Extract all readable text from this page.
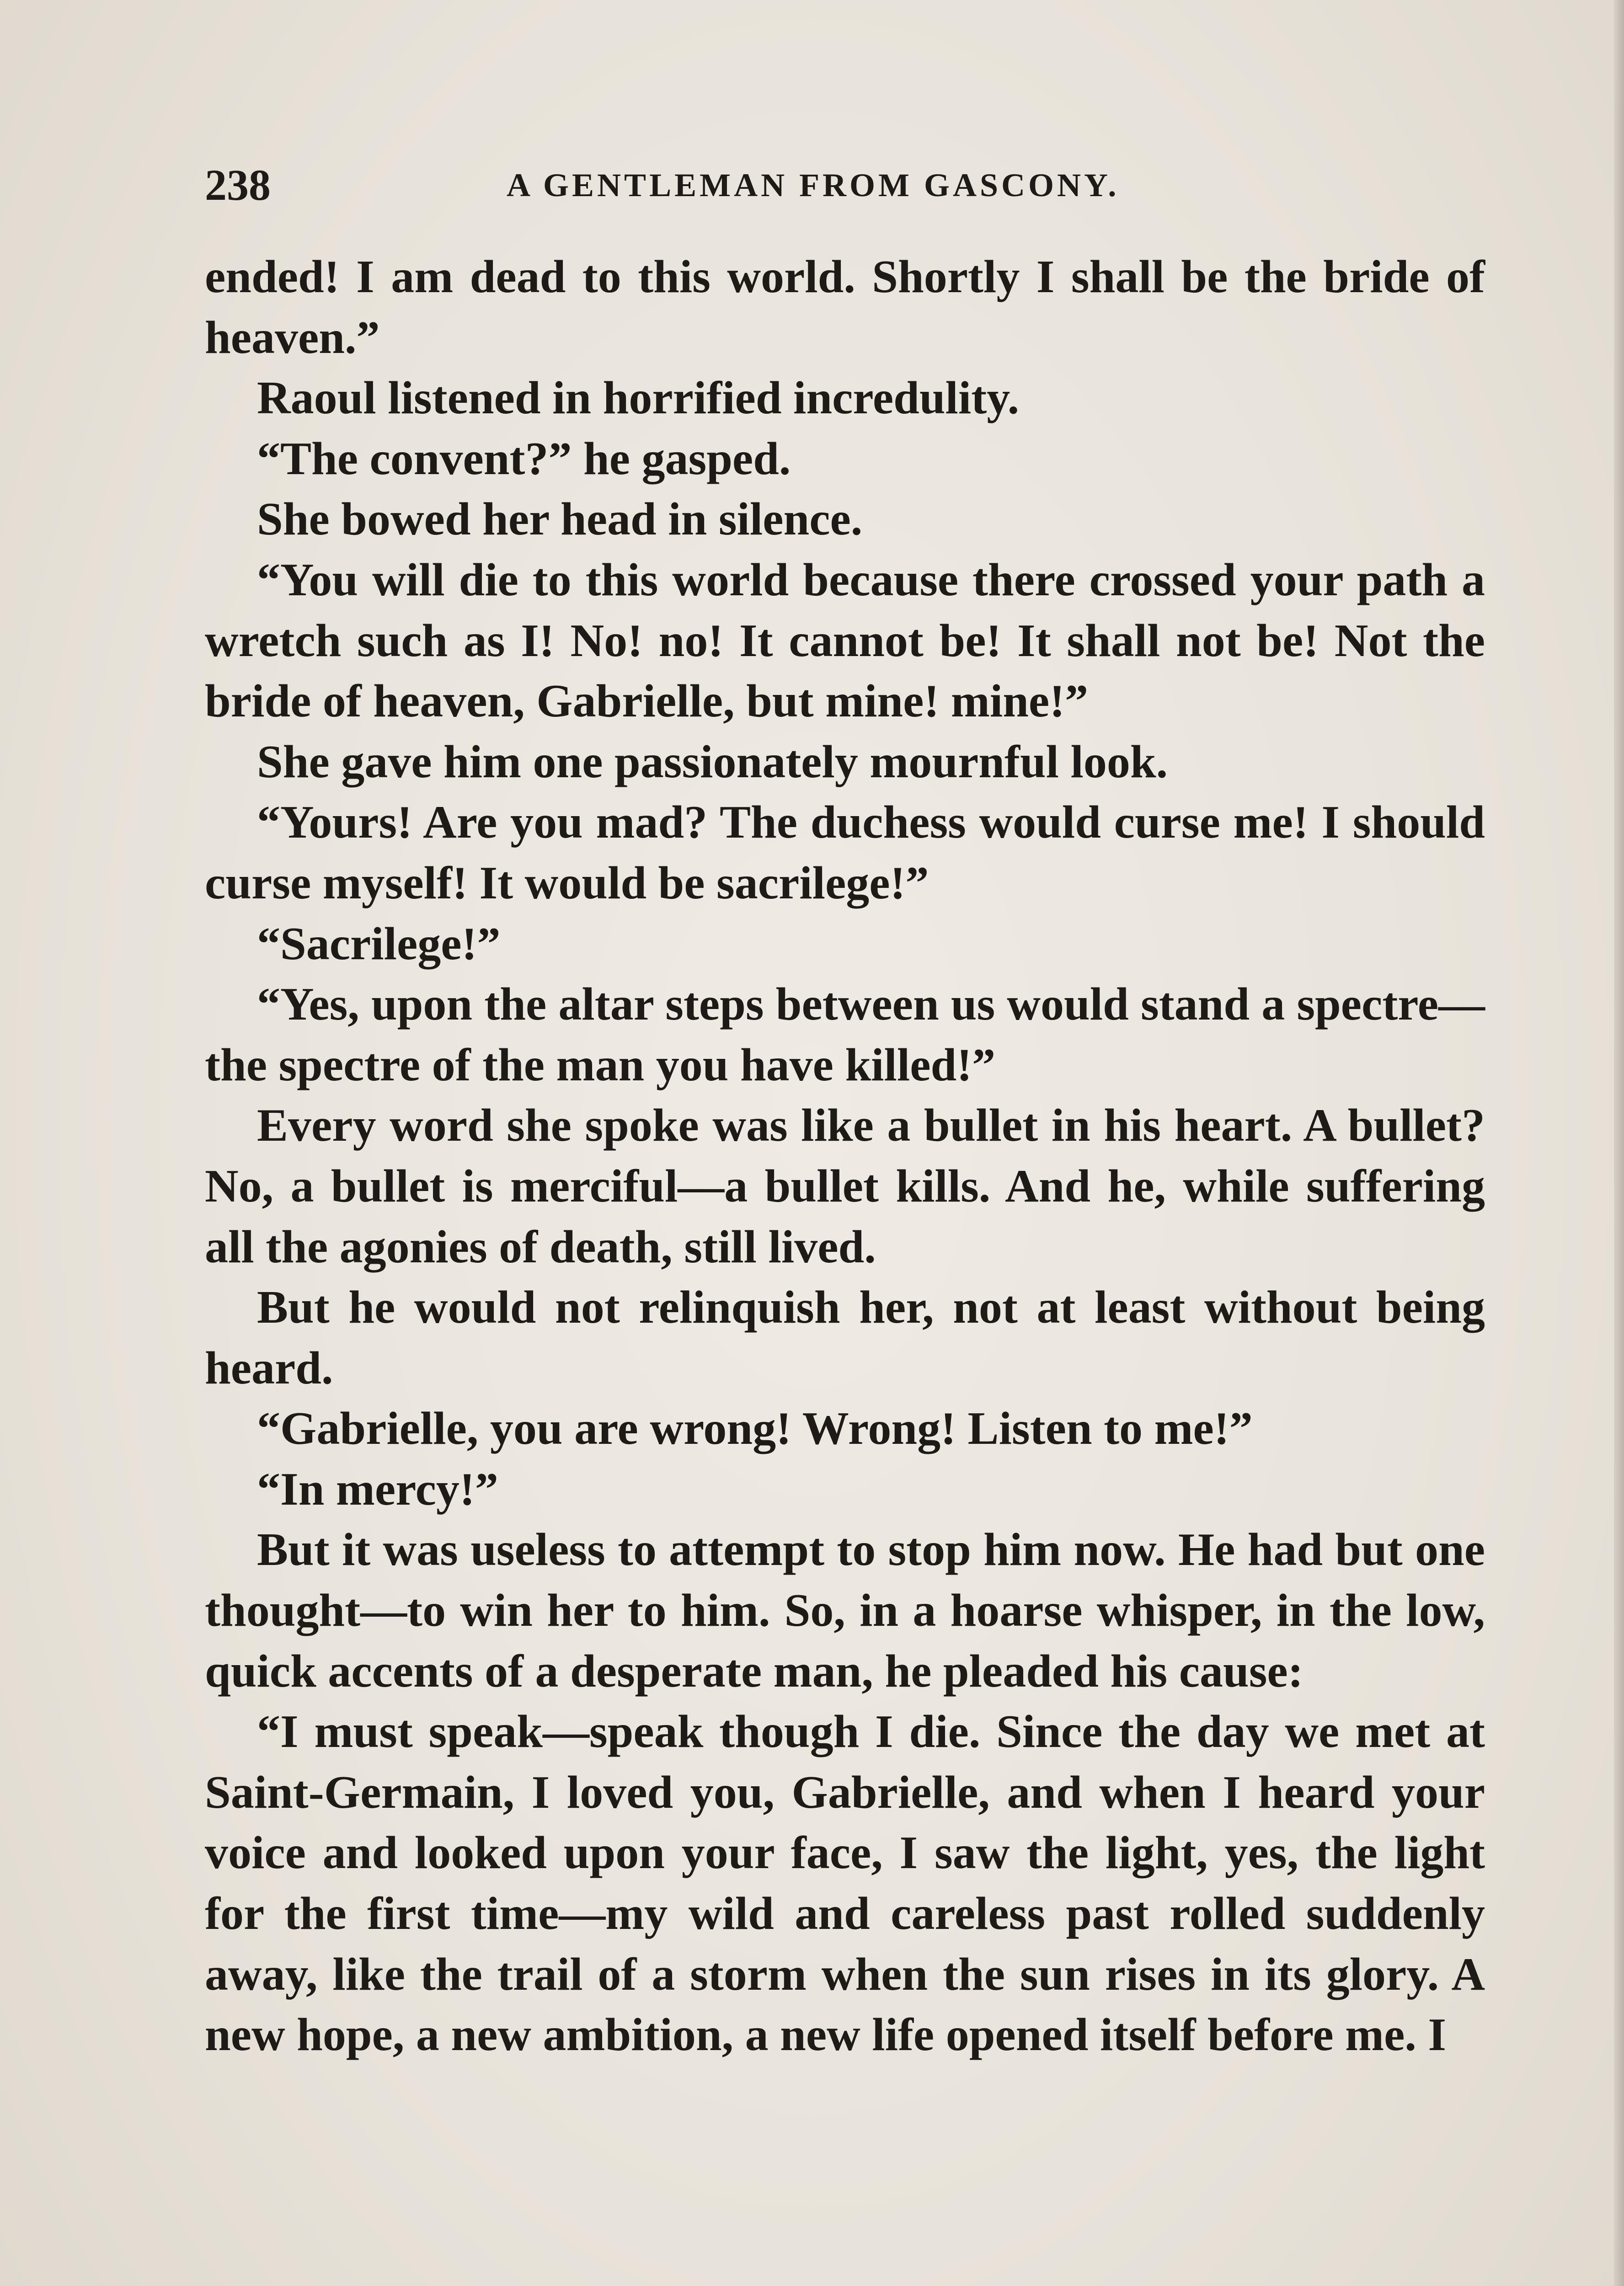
238	A GENTLEMAN FROM GASCONY.

ended! I am dead to this world. Shortly I shall be the bride of heaven.”

Raoul listened in horrified incredulity.

“The convent?” he gasped.

She bowed her head in silence.

“You will die to this world because there crossed your path a wretch such as I! No! no! It cannot be! It shall not be! Not the bride of heaven, Gabrielle, but mine! mine!”

She gave him one passionately mournful look.

“Yours! Are you mad? The duchess would curse me! I should curse myself! It would be sacrilege!”

“Sacrilege!”

“Yes, upon the altar steps between us would stand a spectre—the spectre of the man you have killed!”

Every word she spoke was like a bullet in his heart. A bullet? No, a bullet is merciful—a bullet kills. And he, while suffering all the agonies of death, still lived.

But he would not relinquish her, not at least without being heard.

“Gabrielle, you are wrong! Wrong! Listen to me!”

“In mercy!”

But it was useless to attempt to stop him now. He had but one thought—to win her to him. So, in a hoarse whisper, in the low, quick accents of a desperate man, he pleaded his cause:

“I must speak—speak though I die. Since the day we met at Saint-Germain, I loved you, Gabrielle, and when I heard your voice and looked upon your face, I saw the light, yes, the light for the first time—my wild and careless past rolled suddenly away, like the trail of a storm when the sun rises in its glory. A new hope, a new ambition, a new life opened itself before me. I
